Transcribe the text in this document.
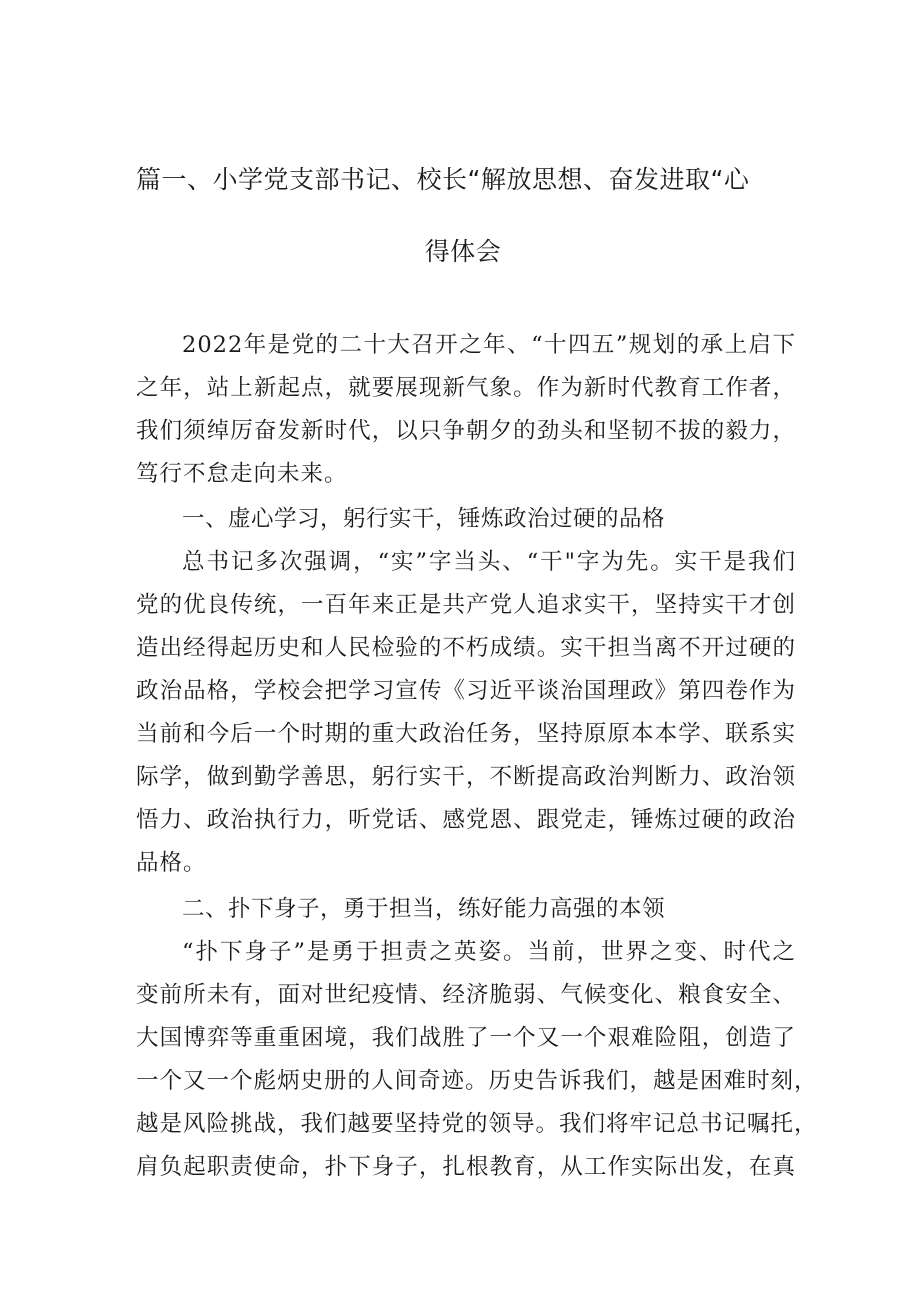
篇一、小学党支部书记、校长“解放思想、奋发进取“心
得体会
2022年是党的二十大召开之年、“十四五”规划的承上启下
之年，站上新起点，就要展现新气象。作为新时代教育工作者，
我们须绰厉奋发新时代，以只争朝夕的劲头和坚韧不拔的毅力，
笃行不怠走向未来。
一、虚心学习，躬行实干，锤炼政治过硬的品格
总书记多次强调，“实”字当头、“干"字为先。实干是我们
党的优良传统，一百年来正是共产党人追求实干，坚持实干才创
造出经得起历史和人民检验的不朽成绩。实干担当离不开过硬的
政治品格，学校会把学习宣传《习近平谈治国理政》第四卷作为
当前和今后一个时期的重大政治任务，坚持原原本本学、联系实
际学，做到勤学善思，躬行实干，不断提高政治判断力、政治领
悟力、政治执行力，听党话、感党恩、跟党走，锤炼过硬的政治
品格。
二、扑下身子，勇于担当，练好能力高强的本领
“扑下身子”是勇于担责之英姿。当前，世界之变、时代之
变前所未有，面对世纪疫情、经济脆弱、气候变化、粮食安全、
大国博弈等重重困境，我们战胜了一个又一个艰难险阻，创造了
一个又一个彪炳史册的人间奇迹。历史告诉我们，越是困难时刻，
越是风险挑战，我们越要坚持党的领导。我们将牢记总书记嘱托，
肩负起职责使命，扑下身子，扎根教育，从工作实际出发，在真
